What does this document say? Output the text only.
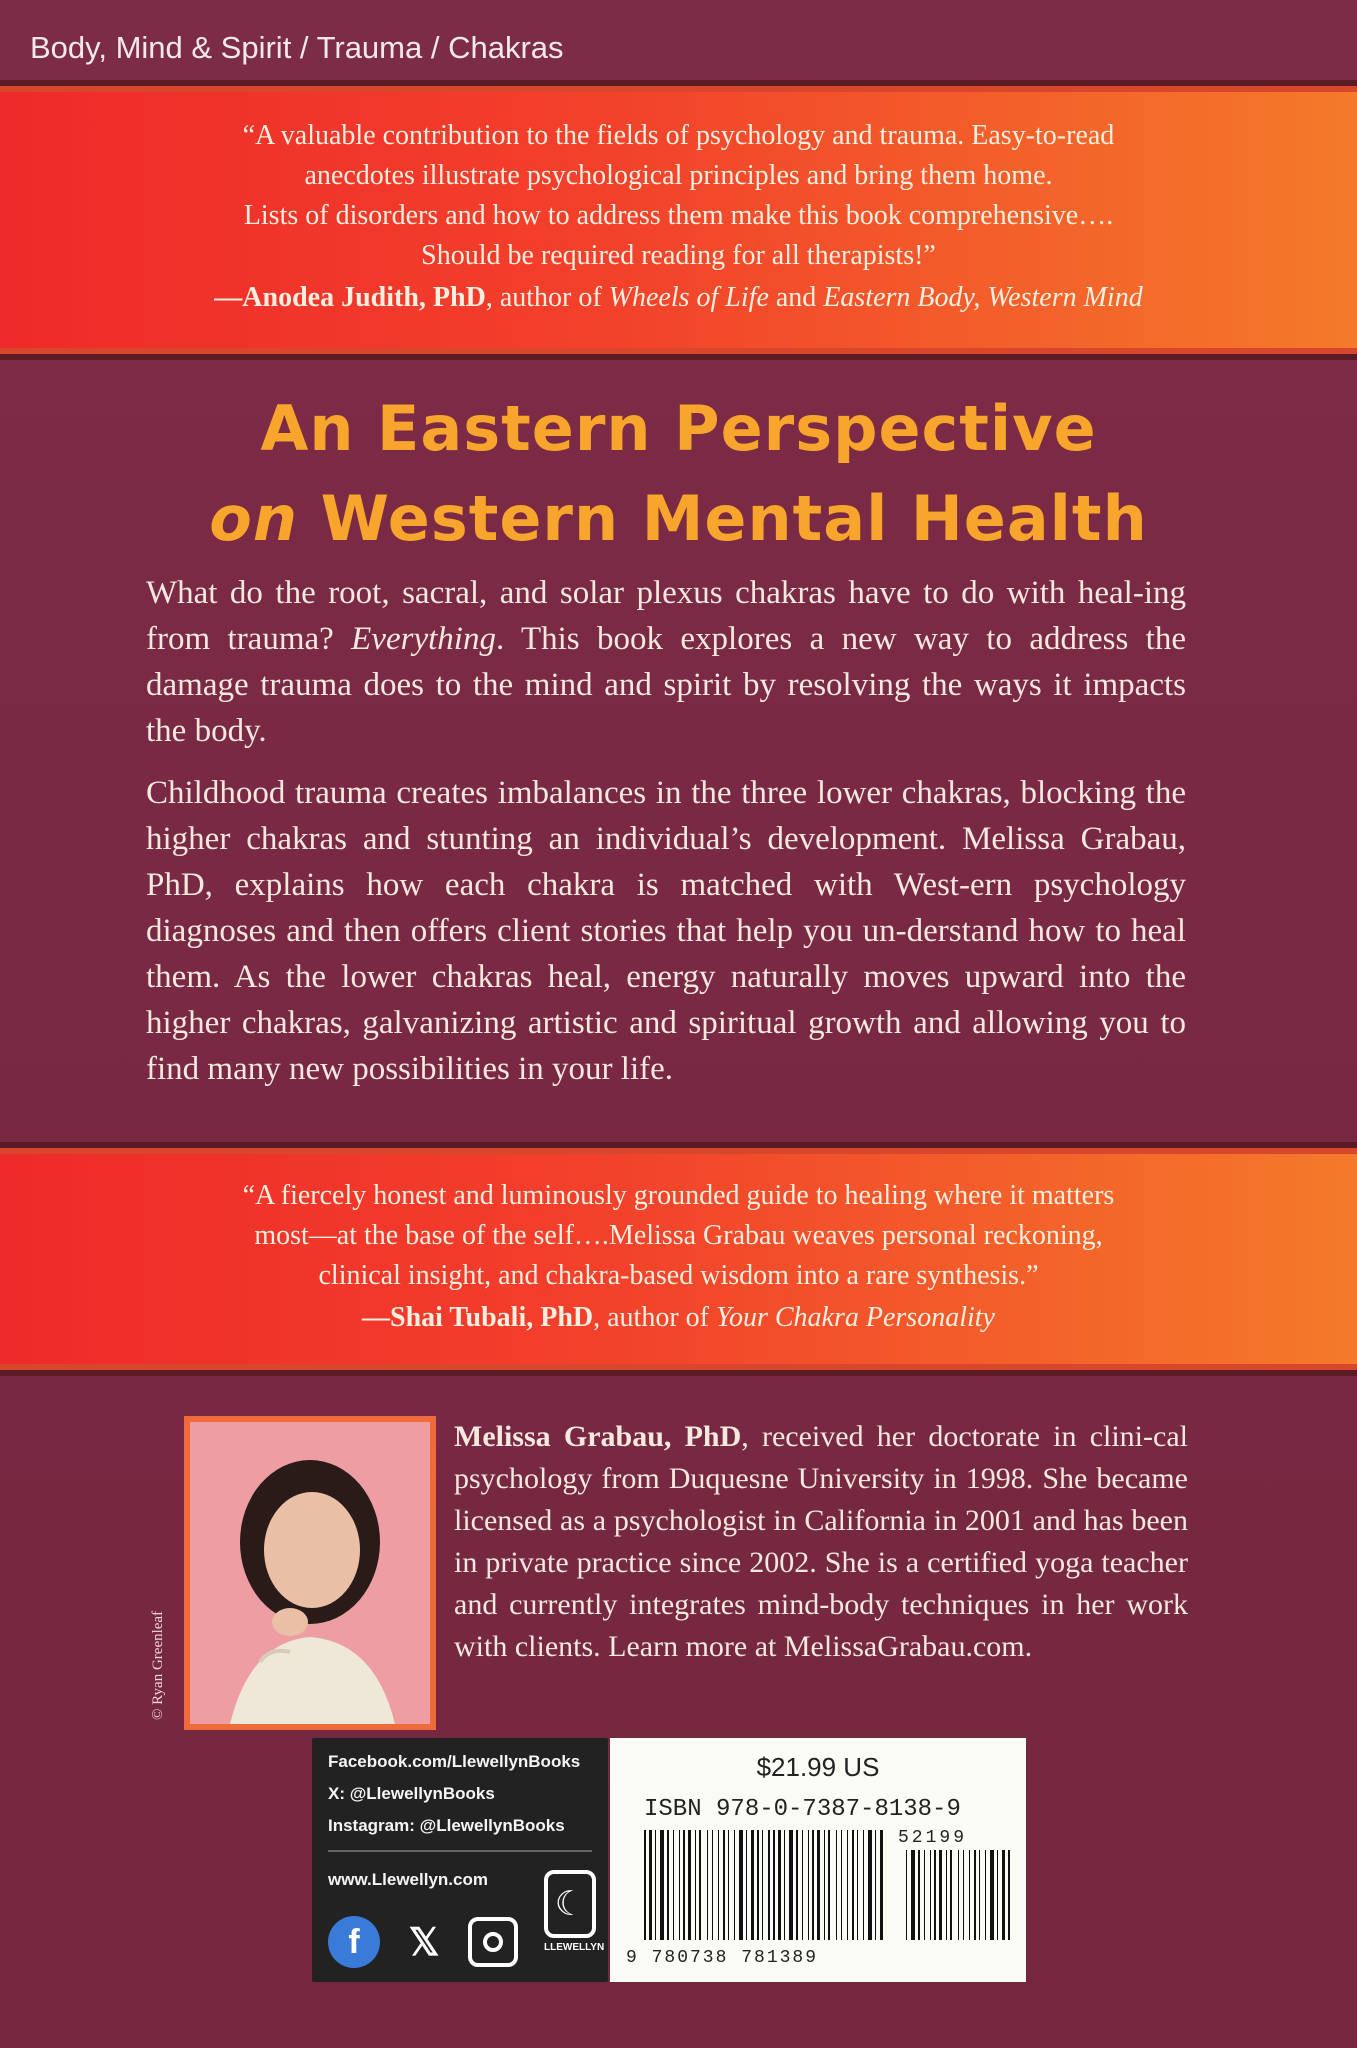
Body, Mind & Spirit / Trauma / Chakras
“A valuable contribution to the fields of psychology and trauma. Easy-to-read
anecdotes illustrate psychological principles and bring them home.
Lists of disorders and how to address them make this book comprehensive….
Should be required reading for all therapists!”
—Anodea Judith, PhD, author of Wheels of Life and Eastern Body, Western Mind
An Eastern Perspective
on Western Mental Health
What do the root, sacral, and solar plexus chakras have to do with heal-ing from trauma? Everything. This book explores a new way to address the damage trauma does to the mind and spirit by resolving the ways it impacts the body.
Childhood trauma creates imbalances in the three lower chakras, blocking the higher chakras and stunting an individual’s development. Melissa Grabau, PhD, explains how each chakra is matched with West-ern psychology diagnoses and then offers client stories that help you un-derstand how to heal them. As the lower chakras heal, energy naturally moves upward into the higher chakras, galvanizing artistic and spiritual growth and allowing you to find many new possibilities in your life.
“A fiercely honest and luminously grounded guide to healing where it matters
most—at the base of the self….Melissa Grabau weaves personal reckoning,
clinical insight, and chakra-based wisdom into a rare synthesis.”
—Shai Tubali, PhD, author of Your Chakra Personality
© Ryan Greenleaf
Melissa Grabau, PhD, received her doctorate in clini-cal psychology from Duquesne University in 1998. She became licensed as a psychologist in California in 2001 and has been in private practice since 2002. She is a certified yoga teacher and currently integrates mind-body techniques in her work with clients. Learn more at MelissaGrabau.com.
Facebook.com/LlewellynBooks
X: @LlewellynBooks
Instagram: @LlewellynBooks
www.Llewellyn.com
f	𝕏
☾
LLEWELLYN
$21.99 US
ISBN 978-0-7387-8138-9
52199
9 780738 781389
